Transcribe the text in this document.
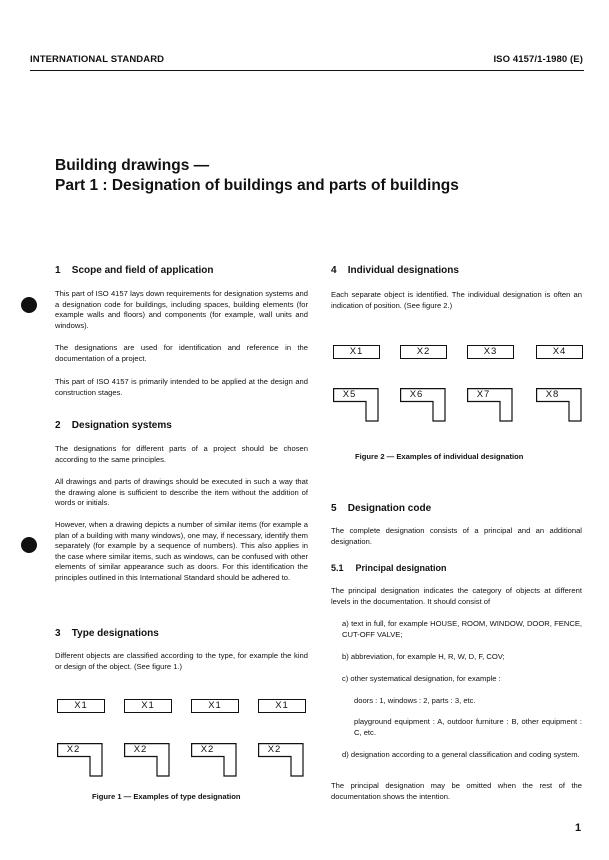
INTERNATIONAL STANDARD	ISO 4157/1-1980 (E)
Building drawings —
Part 1 : Designation of buildings and parts of buildings
1 Scope and field of application
This part of ISO 4157 lays down requirements for designation systems and a designation code for buildings, including spaces, building elements (for example walls and floors) and components (for example, wall units and windows).
The designations are used for identification and reference in the documentation of a project.
This part of ISO 4157 is primarily intended to be applied at the design and construction stages.
2 Designation systems
The designations for different parts of a project should be chosen according to the same principles.
All drawings and parts of drawings should be executed in such a way that the drawing alone is sufficient to describe the item without the addition of words or initials.
However, when a drawing depicts a number of similar items (for example a plan of a building with many windows), one may, if necessary, identify them separately (for example by a sequence of numbers). This also applies in the case where similar items, such as windows, can be confused with other elements of similar appearance such as doors. For this identification the principles outlined in this International Standard should be adhered to.
3 Type designations
Different objects are classified according to the type, for example the kind or design of the object. (See figure 1.)
X1	X1	X1	X1
X2	X2	X2	X2
Figure 1 — Examples of type designation
4 Individual designations
Each separate object is identified. The individual designation is often an indication of position. (See figure 2.)
X1	X2	X3	X4
X5	X6	X7	X8
Figure 2 — Examples of individual designation
5 Designation code
The complete designation consists of a principal and an additional designation.
5.1 Principal designation
The principal designation indicates the category of objects at different levels in the documentation. It should consist of
a) text in full, for example HOUSE, ROOM, WINDOW, DOOR, FENCE, CUT-OFF VALVE;
b) abbreviation, for example H, R, W, D, F, COV;
c) other systematical designation, for example :
doors : 1, windows : 2, parts : 3, etc.
playground equipment : A, outdoor furniture : B, other equipment : C, etc.
d) designation according to a general classification and coding system.
The principal designation may be omitted when the rest of the documentation shows the intention.
1
